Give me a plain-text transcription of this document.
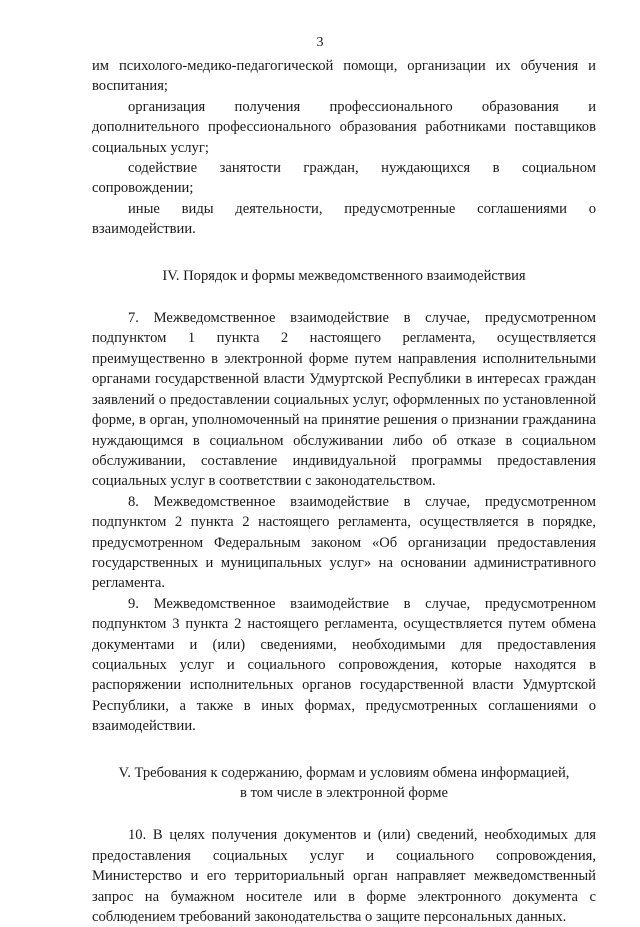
3

им психолого-медико-педагогической помощи, организации их обучения и воспитания;

организация получения профессионального образования и дополнительного профессионального образования работниками поставщиков социальных услуг;

содействие занятости граждан, нуждающихся в социальном сопровождении;

иные виды деятельности, предусмотренные соглашениями о взаимодействии.

IV. Порядок и формы межведомственного взаимодействия

7. Межведомственное взаимодействие в случае, предусмотренном подпунктом 1 пункта 2 настоящего регламента, осуществляется преимущественно в электронной форме путем направления исполнительными органами государственной власти Удмуртской Республики в интересах граждан заявлений о предоставлении социальных услуг, оформленных по установленной форме, в орган, уполномоченный на принятие решения о признании гражданина нуждающимся в социальном обслуживании либо об отказе в социальном обслуживании, составление индивидуальной программы предоставления социальных услуг в соответствии с законодательством.

8. Межведомственное взаимодействие в случае, предусмотренном подпунктом 2 пункта 2 настоящего регламента, осуществляется в порядке, предусмотренном Федеральным законом «Об организации предоставления государственных и муниципальных услуг» на основании административного регламента.

9. Межведомственное взаимодействие в случае, предусмотренном подпунктом 3 пункта 2 настоящего регламента, осуществляется путем обмена документами и (или) сведениями, необходимыми для предоставления социальных услуг и социального сопровождения, которые находятся в распоряжении исполнительных органов государственной власти Удмуртской Республики, а также в иных формах, предусмотренных соглашениями о взаимодействии.

V. Требования к содержанию, формам и условиям обмена информацией,

в том числе в электронной форме

10. В целях получения документов и (или) сведений, необходимых для предоставления социальных услуг и социального сопровождения, Министерство и его территориальный орган направляет межведомственный запрос на бумажном носителе или в форме электронного документа с соблюдением требований законодательства о защите персональных данных.
